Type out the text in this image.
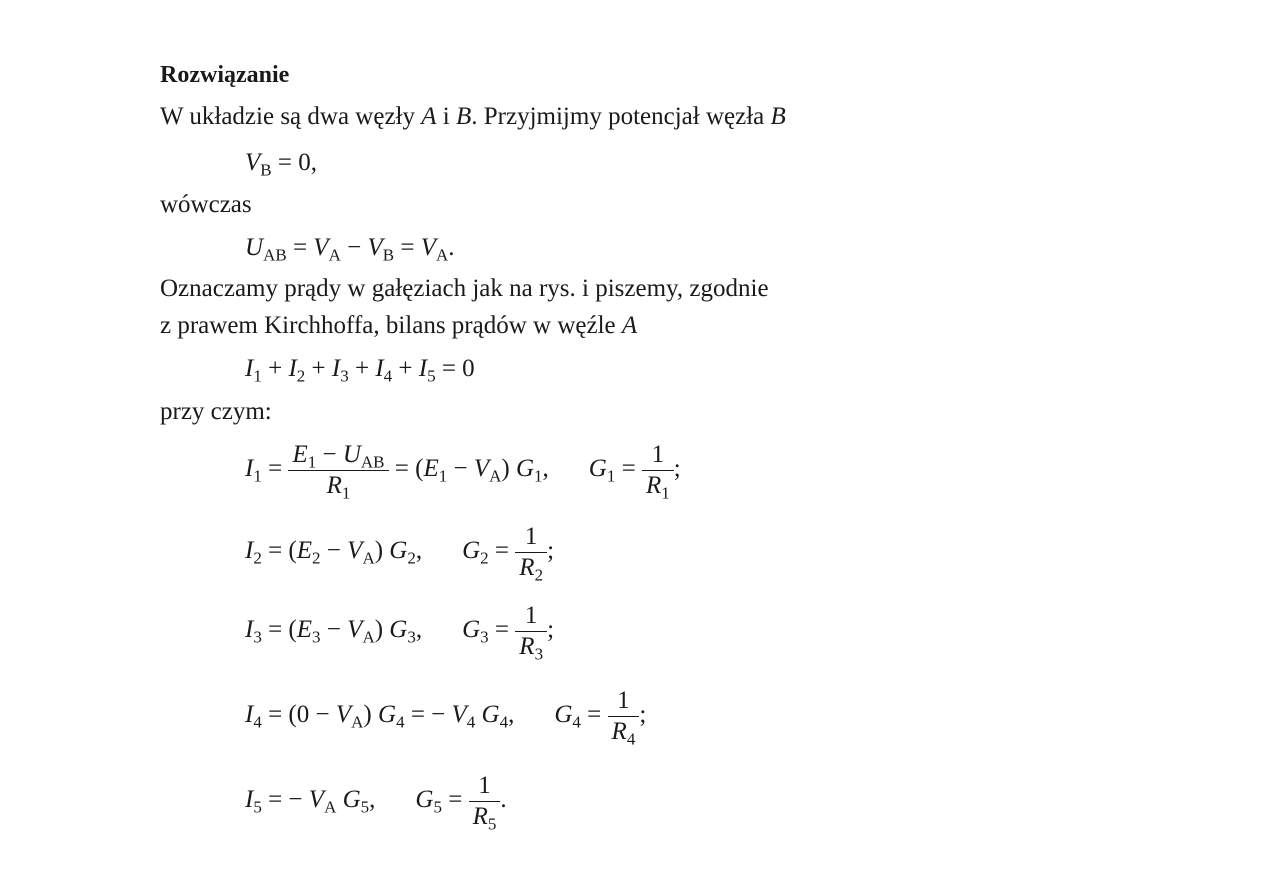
Rozwiązanie
W układzie są dwa węzły A i B. Przyjmijmy potencjał węzła B
$V_B = 0$,
wówczas
$U_{AB} = V_A - V_B = V_A$.
Oznaczamy prądy w gałęziach jak na rys. i piszemy, zgodnie
z prawem Kirchhoffa, bilans prądów w węźle A
$I_1 + I_2 + I_3 + I_4 + I_5 = 0$
przy czym:
$I_1 = \frac{E_1 - U_{AB}}{R_1} = (E_1 - V_A)$ $G_1$, $G_1 = \frac{1}{R_1}$ ;
$I_2 = (E_2 - V_A)$ $G_2$, $G_2 = \frac{1}{R_2}$ ;
$I_3 = (E_3 - V_A)$ $G_3$, $G_3 = \frac{1}{R_3}$ ;
$I_4 = (0 - V_A) G_4$ = − $V_4$ $G_4$, $G_4 = \frac{1}{R_4}$ ;
$I_5$ = − $V_A$ $G_5$, $G_5 = \frac{1}{R_5}$ .
